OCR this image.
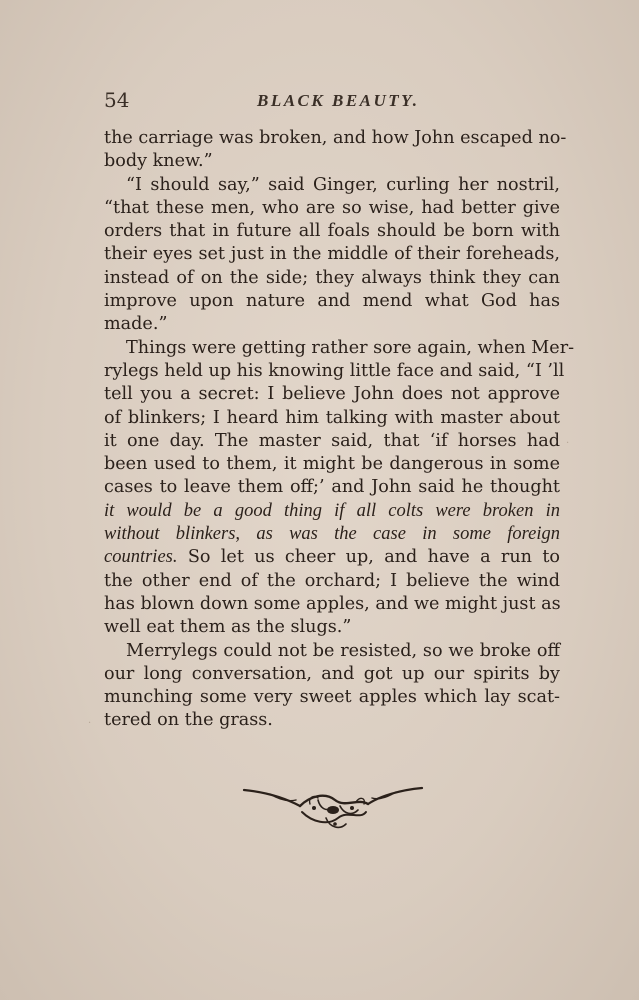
54	BLACK BEAUTY.
the carriage was broken, and how John escaped no-
body knew.”
“I should say,” said Ginger, curling her nostril,
“that these men, who are so wise, had better give
orders that in future all foals should be born with
their eyes set just in the middle of their foreheads,
instead of on the side; they always think they can
improve upon nature and mend what God has
made.”
Things were getting rather sore again, when Mer-
rylegs held up his knowing little face and said, “I ’ll
tell you a secret: I believe John does not approve
of blinkers; I heard him talking with master about
it one day. The master said, that ‘if horses had
been used to them, it might be dangerous in some
cases to leave them off;’ and John said he thought
it would be a good thing if all colts were broken in
without blinkers, as was the case in some foreign
countries. So let us cheer up, and have a run to
the other end of the orchard; I believe the wind
has blown down some apples, and we might just as
well eat them as the slugs.”
Merrylegs could not be resisted, so we broke off
our long conversation, and got up our spirits by
munching some very sweet apples which lay scat-
tered on the grass.
·
·
